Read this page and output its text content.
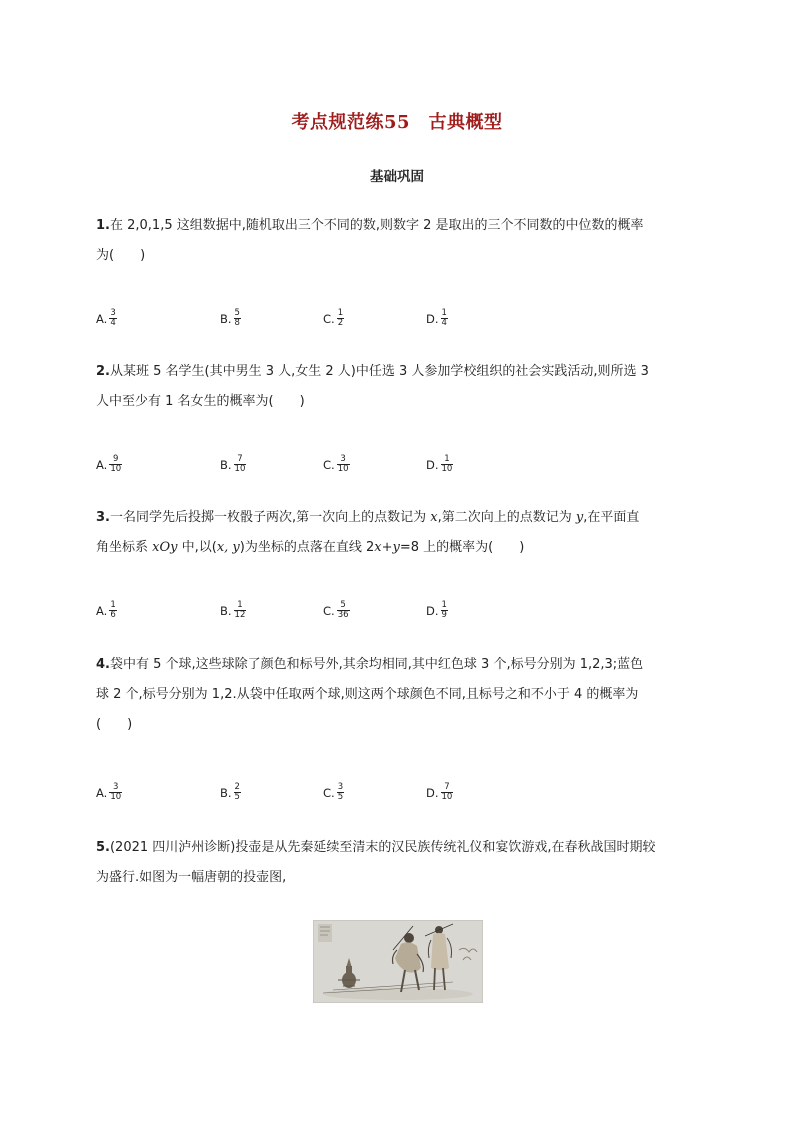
考点规范练55　古典概型
基础巩固
1.在 2,0,1,5 这组数据中,随机取出三个不同的数,则数字 2 是取出的三个不同数的中位数的概率
为(　　)
A. $\frac{3}{4}$	B. $\frac{5}{8}$	C. $\frac{1}{2}$	D. $\frac{1}{4}$
2.从某班 5 名学生(其中男生 3 人,女生 2 人)中任选 3 人参加学校组织的社会实践活动,则所选 3
人中至少有 1 名女生的概率为(　　)
A. $\frac{9}{10}$	B. $\frac{7}{10}$	C. $\frac{3}{10}$	D. $\frac{1}{10}$
3.一名同学先后投掷一枚骰子两次,第一次向上的点数记为 x,第二次向上的点数记为 y,在平面直
角坐标系 xOy 中,以(x, y)为坐标的点落在直线 2x+y=8 上的概率为(　　)
A. $\frac{1}{6}$	B. $\frac{1}{12}$	C. $\frac{5}{36}$	D. $\frac{1}{9}$
4.袋中有 5 个球,这些球除了颜色和标号外,其余均相同,其中红色球 3 个,标号分别为 1,2,3;蓝色
球 2 个,标号分别为 1,2.从袋中任取两个球,则这两个球颜色不同,且标号之和不小于 4 的概率为
(　　)
A. $\frac{3}{10}$	B. $\frac{2}{5}$	C. $\frac{3}{5}$	D. $\frac{7}{10}$
5.(2021 四川泸州诊断)投壶是从先秦延续至清末的汉民族传统礼仪和宴饮游戏,在春秋战国时期较
为盛行.如图为一幅唐朝的投壶图,
